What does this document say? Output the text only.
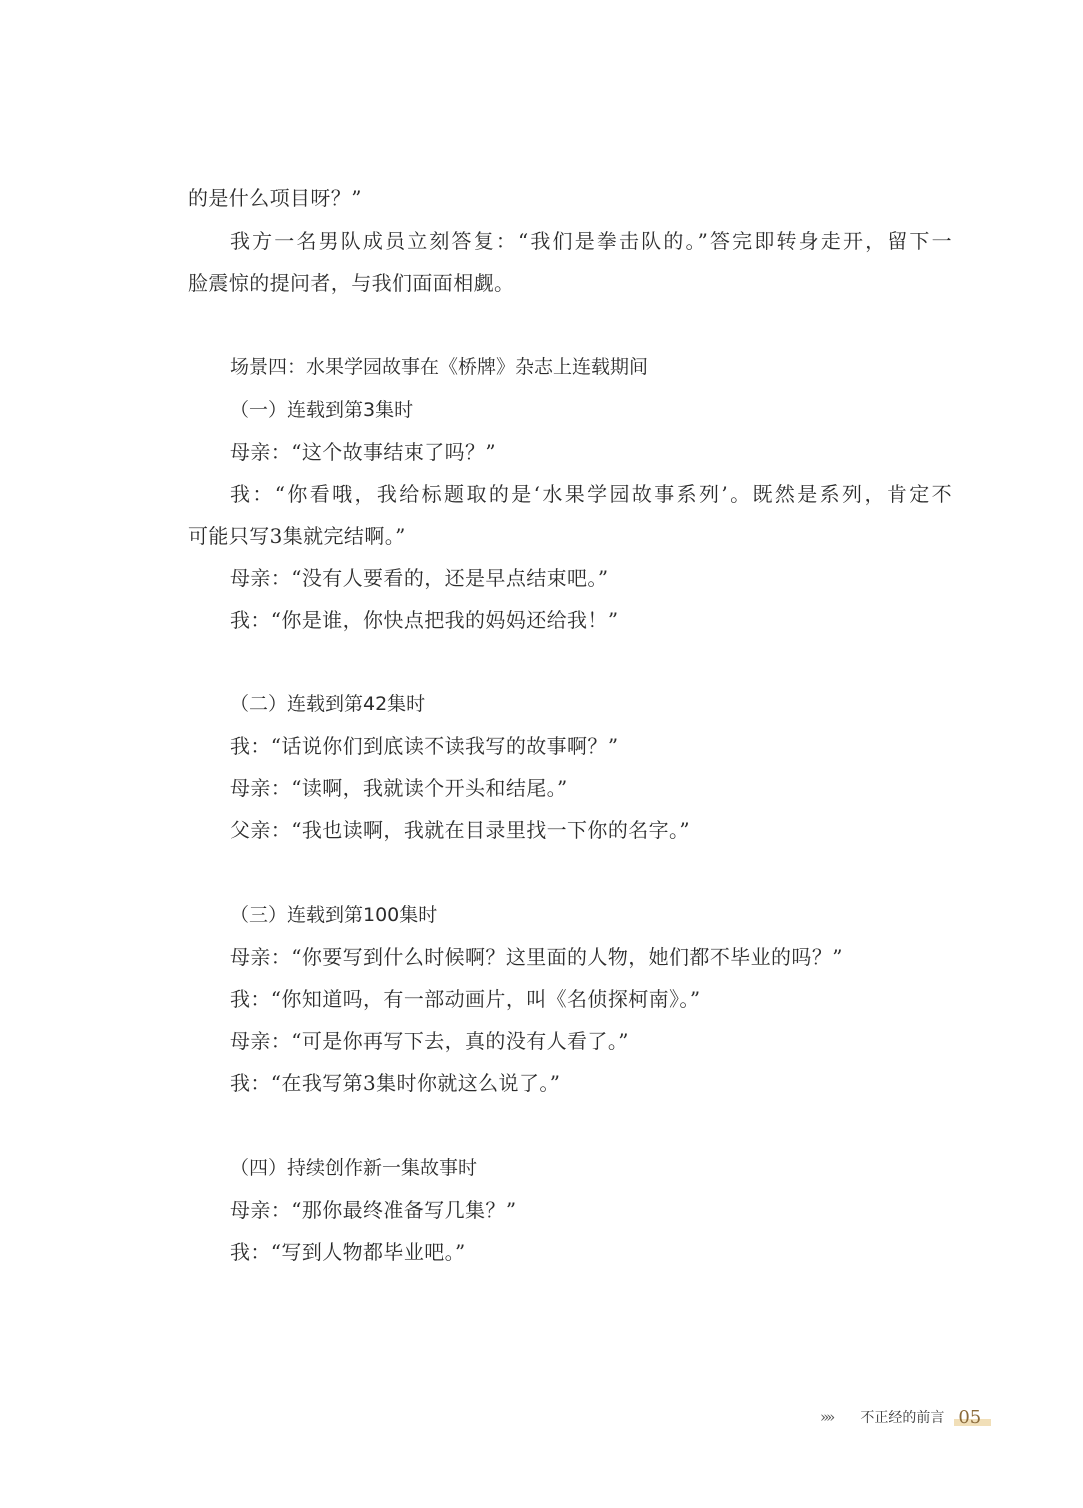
的是什么项目呀？”
我方一名男队成员立刻答复：“我们是拳击队的。”答完即转身走开，留下一
脸震惊的提问者，与我们面面相觑。
场景四：水果学园故事在《桥牌》杂志上连载期间
（一）连载到第3集时
母亲：“这个故事结束了吗？”
我：“你看哦，我给标题取的是‘水果学园故事系列’。既然是系列，肯定不
可能只写3集就完结啊。”
母亲：“没有人要看的，还是早点结束吧。”
我：“你是谁，你快点把我的妈妈还给我！”
（二）连载到第42集时
我：“话说你们到底读不读我写的故事啊？”
母亲：“读啊，我就读个开头和结尾。”
父亲：“我也读啊，我就在目录里找一下你的名字。”
（三）连载到第100集时
母亲：“你要写到什么时候啊？这里面的人物，她们都不毕业的吗？”
我：“你知道吗，有一部动画片，叫《名侦探柯南》。”
母亲：“可是你再写下去，真的没有人看了。”
我：“在我写第3集时你就这么说了。”
（四）持续创作新一集故事时
母亲：“那你最终准备写几集？”
我：“写到人物都毕业吧。”
»» 不正经的前言 05
